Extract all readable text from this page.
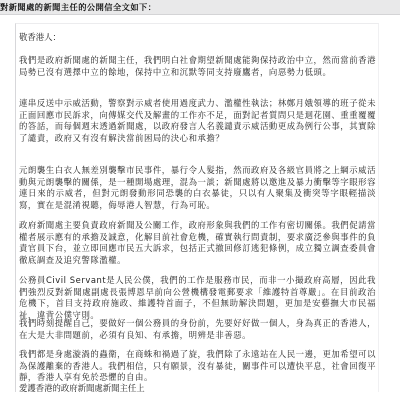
對新聞處的新聞主任的公開信全文如下：
敬香港人：

我們是政府新聞處的新聞主任，我們明白社會期望新聞處能夠保持政治中立，然而當前香港局勢已沒有選擇中立的餘地，保持中立和沉默等同支持廢鷹者，向惡勢力低頭。

連串反送中示威活動，警察對示威者使用過度武力、濫權性執法；林鄭月娥領導的班子從未正面回應市民訴求，向傳媒交代及解畫的工作亦不足，面對記者質問只是迴花園、重重覆覆的答話，而每個週末透過新聞處，以政府發言人名義譴責示威活動更成為例行公事，其實除了譴責，政府又有沒有解決當前困局的決心和承擔？

元朗襲生白衣人無差別襲擊市民事件，暴行令人髮指，然而政府及各級官員將之上綱示威活動與元朗襲擊的關係，是一種開場處理，混為一談；新聞處將以邀進及暴力衝擊等字眼形容連日來的示威者，但對元朗發動形同恐襲的白衣暴徒，只以有人聚集及衝突等字眼輕描淡寫，實在是混淆視聽，侮辱港人智慧，行為可恥。

政府新聞處主要負責政府新聞及公關工作，政府形象與我們的工作有密切關係。我們促請當權者展示應有的承擔及誠意，化解目前社會危機，確實執行問責制，要求廣泛參與事件的負責官員下台，並立即回應市民五大訴求，包括正式撤回修訂逃犯條例，成立獨立調查委員會徹底調查及追究警隊濫權。

公務員Civil Servant是人民公僕，我們的工作是服務市民，而非一小撮政府高層，因此我們強烈反對新聞處副處長張博恩早前向公營機構發電郵要求「維護特首尊嚴」。在目前政治危機下，首目支持政府施政、維護特首面子，不但無助解決問題，更加是安藝撫大市民福祉，違背公僕守則。

我們時刻提醒自己，要做好一個公務員的身份前，先要好好做一個人，身為真正的香港人，在大是大非問題前，必須有良知、有承擔，明辨是非善惡。

我們都是身處漩渦的蟲衛，在商蛛和禍過了旋，我們除了永遠站在人民一邊，更加希望可以為保護離棄的香港人。我們相信，只有願景，沒有暴徒，關事件可以遭快平息，社會回復平靜，香港人享有免於恐懼的自由。

愛護香港的政府新聞處新聞主任上
